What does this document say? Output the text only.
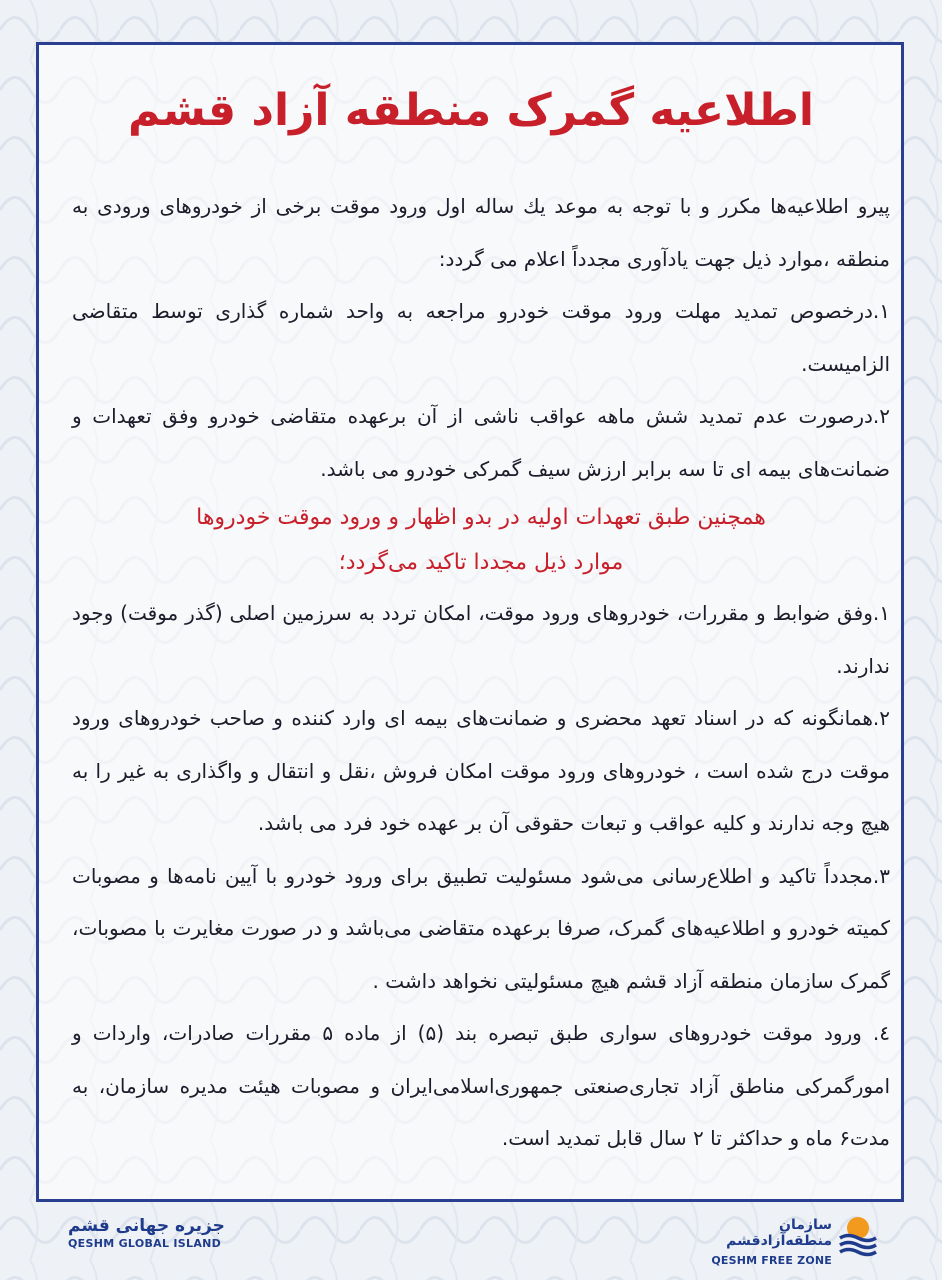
اطلاعیه گمرک منطقه آزاد قشم

پیرو اطلاعیه‌ها مکرر و با توجه به موعد یك ساله اول ورود موقت برخی از خودروهای ورودی به منطقه ،موارد ذیل جهت یادآوری مجدداً اعلام می گردد:

۱.درخصوص تمدید مهلت ورود موقت خودرو مراجعه به واحد شماره گذاری توسط متقاضی الزامیست.

۲.درصورت عدم تمدید شش ماهه عواقب ناشی از آن برعهده متقاضی خودرو وفق تعهدات و ضمانت‌های بیمه ای تا سه برابر ارزش سیف گمرکی خودرو می باشد.

همچنین طبق تعهدات اولیه در بدو اظهار و ورود موقت خودروها
موارد ذیل مجددا تاکید می‌گردد؛

۱.وفق ضوابط و مقررات، خودروهای ورود موقت، امکان تردد به سرزمین اصلی (گذر موقت) وجود ندارند.

۲.همانگونه که در اسناد تعهد محضری و ضمانت‌های بیمه ای وارد کننده و صاحب خودروهای ورود موقت درج شده است ، خودروهای ورود موقت امکان فروش ،نقل و انتقال و واگذاری به غیر را به هیچ وجه ندارند و کلیه عواقب و تبعات حقوقی آن بر عهده خود فرد می باشد.

۳.مجدداً تاکید و اطلاع‌رسانی می‌شود مسئولیت تطبیق برای ورود خودرو با آیین نامه‌ها و مصوبات کمیته خودرو و اطلاعیه‌های گمرک، صرفا برعهده متقاضی می‌باشد و در صورت مغایرت با مصوبات، گمرک سازمان منطقه آزاد قشم هیچ مسئولیتی نخواهد داشت .

٤. ورود موقت خودروهای سواری طبق تبصره بند (۵) از ماده ۵ مقررات صادرات، واردات و امورگمرکی مناطق آزاد تجاری‌صنعتی جمهوری‌اسلامی‌ایران و مصوبات هیئت مدیره سازمان، به مدت۶ ماه و حداکثر تا ۲ سال قابل تمدید است.

جزیره جهانی قشم
QESHM GLOBAL ISLAND
سازمان منطقه‌آزادقشم
QESHM FREE ZONE
